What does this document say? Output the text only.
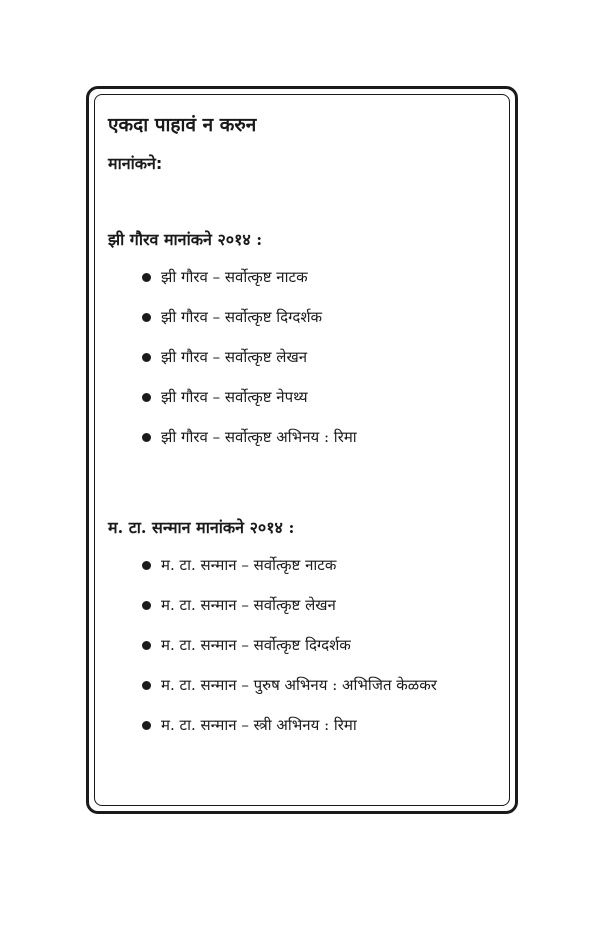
एकदा पाहावं न करुन
मानांकने:
झी गौरव मानांकने २०१४ :
झी गौरव – सर्वोत्कृष्ट नाटक
झी गौरव – सर्वोत्कृष्ट दिग्दर्शक
झी गौरव – सर्वोत्कृष्ट लेखन
झी गौरव – सर्वोत्कृष्ट नेपथ्य
झी गौरव – सर्वोत्कृष्ट अभिनय : रिमा
म. टा. सन्मान मानांकने २०१४ :
म. टा. सन्मान – सर्वोत्कृष्ट नाटक
म. टा. सन्मान – सर्वोत्कृष्ट लेखन
म. टा. सन्मान – सर्वोत्कृष्ट दिग्दर्शक
म. टा. सन्मान – पुरुष अभिनय : अभिजित केळकर
म. टा. सन्मान – स्त्री अभिनय : रिमा
